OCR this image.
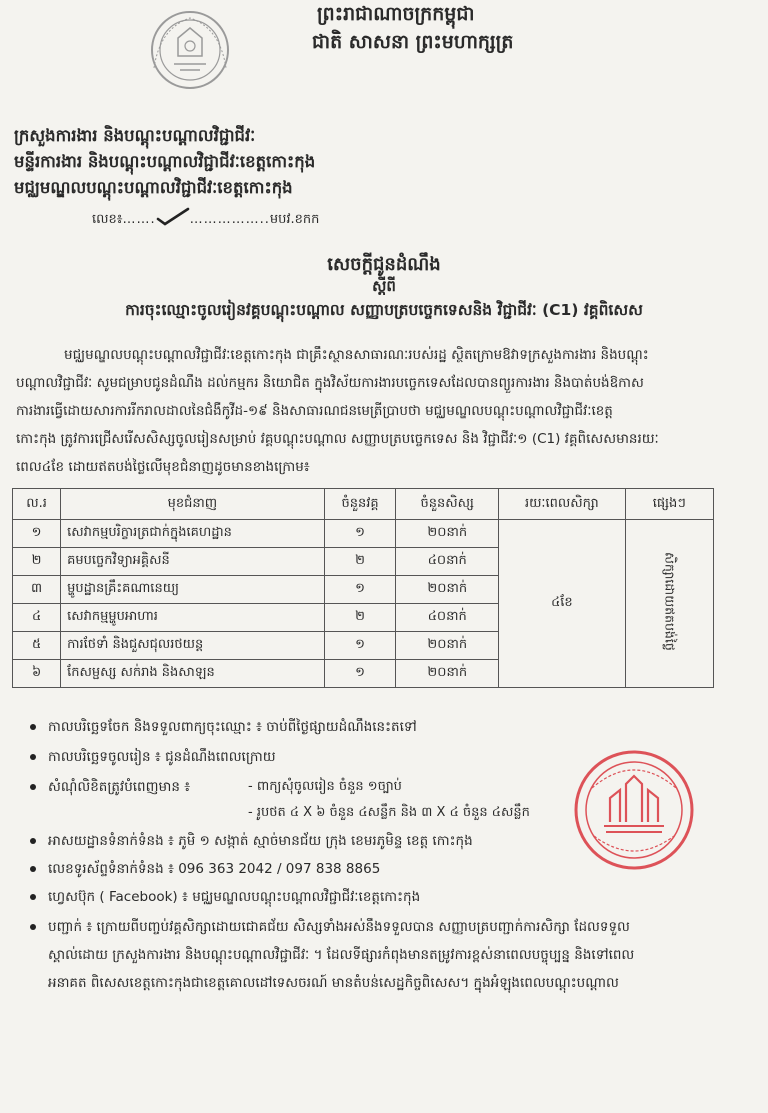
ព្រះរាជាណាចក្រកម្ពុជា
ជាតិ សាសនា ព្រះមហាក្សត្រ
ក្រសួងការងារ និងបណ្តុះបណ្តាលវិជ្ជាជីវៈ
មន្ទីរការងារ និងបណ្តុះបណ្តាលវិជ្ជាជីវៈខេត្តកោះកុង
មជ្ឈមណ្ឌលបណ្តុះបណ្តាលវិជ្ជាជីវៈខេត្តកោះកុង
លេខ៖…….	……………..មបវ.ខកក
សេចក្តីជូនដំណឹង
ស្តីពី
ការចុះឈ្មោះចូលរៀនវគ្គបណ្តុះបណ្តាល សញ្ញាបត្របច្ចេកទេសនិង វិជ្ជាជីវៈ (C1) វគ្គពិសេស
មជ្ឈមណ្ឌលបណ្តុះបណ្តាលវិជ្ជាជីវៈខេត្តកោះកុង ជាគ្រឹះស្ថានសាធារណៈរបស់រដ្ឋ ស្ថិតក្រោមឱវាទក្រសួងការងារ និងបណ្តុះ
បណ្តាលវិជ្ជាជីវៈ សូមជម្រាបជូនដំណឹង ដល់កម្មករ និយោជិត ក្នុងវិស័យការងារបច្ចេកទេសដែលបានព្យួរការងារ និងបាត់បង់ឱកាស
ការងារធ្វើដោយសារការរីករាលដាលនៃជំងឺកូវីដ-១៩ និងសាធារណជនមេត្រីប្រាបថា មជ្ឈមណ្ឌលបណ្តុះបណ្តាលវិជ្ជាជីវៈខេត្ត
កោះកុង ត្រូវការជ្រើសរើសសិស្សចូលរៀនសម្រាប់ វគ្គបណ្តុះបណ្តាល សញ្ញាបត្របច្ចេកទេស និង វិជ្ជាជីវៈ១ (C1) វគ្គពិសេសមានរយៈ
ពេល៤ខែ ដោយឥតបង់ថ្លៃលើមុខជំនាញដូចមានខាងក្រោម៖
ល.រ	មុខជំនាញ	ចំនួនវគ្គ	ចំនួនសិស្ស	រយៈពេលសិក្សា	ផ្សេងៗ
១	សេវាកម្មបរិក្ខារត្រជាក់ក្នុងគេហដ្ឋាន	១	២០នាក់	៤ខែ	សិក្សាដោយឥតបង់ថ្លៃ
២	គមបច្ចេកវិទ្យាអគ្គិសនី	២	៤០នាក់		
៣	ម្ហូបដ្ឋានគ្រឹះគណានេយ្យ	១	២០នាក់		
៤	សេវាកម្មម្ហូបអាហារ	២	៤០នាក់		
៥	ការថែទាំ និងជួសជុលរថយន្ត	១	២០នាក់		
៦	កែសម្ផស្ស សក់រាង និងសាឡន	១	២០នាក់		
កាលបរិច្ឆេទចែក និងទទួលពាក្យចុះឈ្មោះ ៖ ចាប់ពីថ្ងៃផ្សាយដំណឹងនេះតទៅ
កាលបរិច្ឆេទចូលរៀន ៖ ជូនដំណឹងពេលក្រោយ
សំណុំលិខិតត្រូវបំពេញមាន ៖	- ពាក្យសុំចូលរៀន ចំនួន ១ច្បាប់
- រូបថត ៤ X ៦ ចំនួន ៤សន្លឹក និង ៣ X ៤ ចំនួន ៤សន្លឹក
អាសយដ្ឋានទំនាក់ទំនង ៖ ភូមិ ១ សង្កាត់ ស្មាច់មានជ័យ ក្រុង ខេមរភូមិន្ទ ខេត្ត កោះកុង
លេខទូរស័ព្ទទំនាក់ទំនង ៖ 096 363 2042 / 097 838 8865
ហ្វេសប៊ុក ( Facebook) ៖ មជ្ឈមណ្ឌលបណ្តុះបណ្តាលវិជ្ជាជីវៈខេត្តកោះកុង
បញ្ជាក់ ៖ ក្រោយពីបញ្ចប់វគ្គសិក្សាដោយជោគជ័យ សិស្សទាំងអស់នឹងទទួលបាន សញ្ញាបត្របញ្ជាក់ការសិក្សា ដែលទទួល
ស្គាល់ដោយ ក្រសួងការងារ និងបណ្តុះបណ្តាលវិជ្ជាជីវៈ ។ ដែលទីផ្សារកំពុងមានតម្រូវការខ្ពស់នាពេលបច្ចុប្បន្ន និងទៅពេល
អនាគត ពិសេសខេត្តកោះកុងជាខេត្តគោលដៅទេសចរណ៍ មានតំបន់សេដ្ឋកិច្ចពិសេស។ ក្នុងអំឡុងពេលបណ្តុះបណ្តាល
